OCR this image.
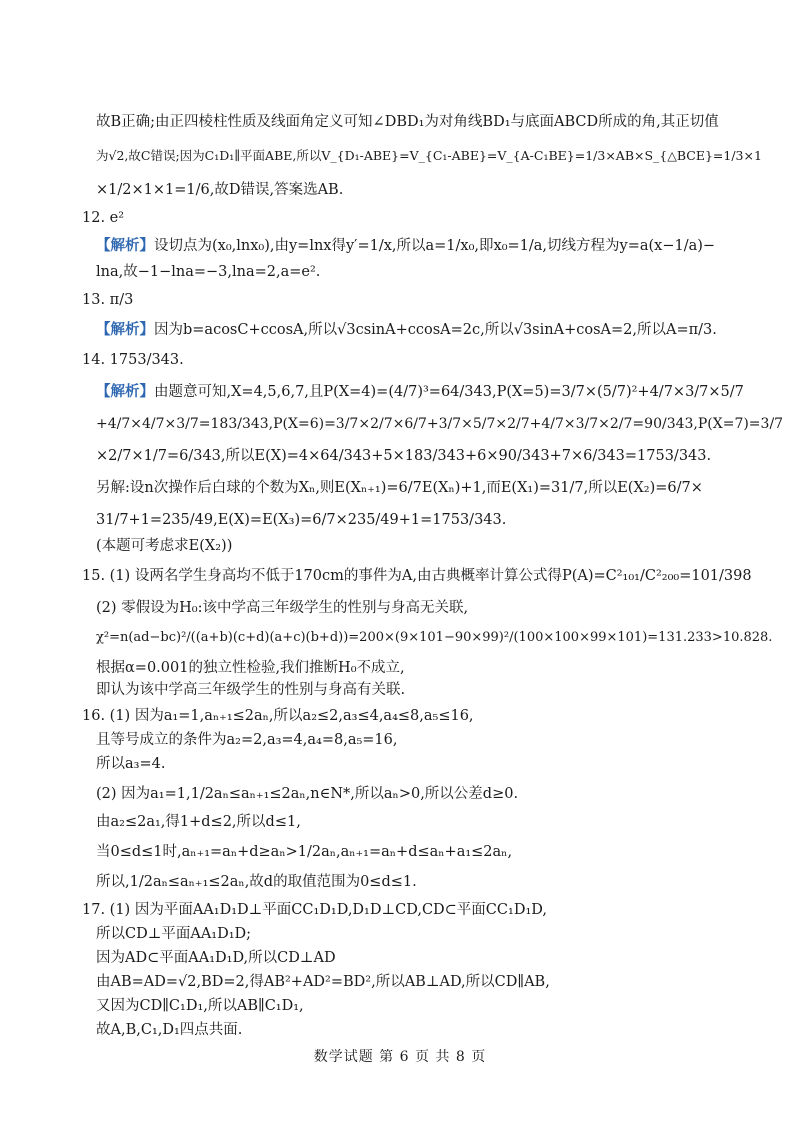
故B正确;由正四棱柱性质及线面角定义可知∠DBD₁为对角线BD₁与底面ABCD所成的角,其正切值
为√2,故C错误;因为C₁D₁∥平面ABE,所以V_{D₁-ABE}=V_{C₁-ABE}=V_{A-C₁BE}=1/3×AB×S_{△BCE}=1/3×1
×1/2×1×1=1/6,故D错误,答案选AB.
12. e²
【解析】设切点为(x₀,lnx₀),由y=lnx得y′=1/x,所以a=1/x₀,即x₀=1/a,切线方程为y=a(x−1/a)−
lna,故−1−lna=−3,lna=2,a=e².
13. π/3
【解析】因为b=acosC+ccosA,所以√3csinA+ccosA=2c,所以√3sinA+cosA=2,所以A=π/3.
14. 1753/343.
【解析】由题意可知,X=4,5,6,7,且P(X=4)=(4/7)³=64/343,P(X=5)=3/7×(5/7)²+4/7×3/7×5/7
+4/7×4/7×3/7=183/343,P(X=6)=3/7×2/7×6/7+3/7×5/7×2/7+4/7×3/7×2/7=90/343,P(X=7)=3/7
×2/7×1/7=6/343,所以E(X)=4×64/343+5×183/343+6×90/343+7×6/343=1753/343.
另解:设n次操作后白球的个数为Xₙ,则E(Xₙ₊₁)=6/7E(Xₙ)+1,而E(X₁)=31/7,所以E(X₂)=6/7×
31/7+1=235/49,E(X)=E(X₃)=6/7×235/49+1=1753/343.
(本题可考虑求E(X₂))
15. (1) 设两名学生身高均不低于170cm的事件为A,由古典概率计算公式得P(A)=C²₁₀₁/C²₂₀₀=101/398
(2) 零假设为H₀:该中学高三年级学生的性别与身高无关联,
χ²=n(ad−bc)²/((a+b)(c+d)(a+c)(b+d))=200×(9×101−90×99)²/(100×100×99×101)=131.233>10.828.
根据α=0.001的独立性检验,我们推断H₀不成立,
即认为该中学高三年级学生的性别与身高有关联.
16. (1) 因为a₁=1,aₙ₊₁≤2aₙ,所以a₂≤2,a₃≤4,a₄≤8,a₅≤16,
且等号成立的条件为a₂=2,a₃=4,a₄=8,a₅=16,
所以a₃=4.
(2) 因为a₁=1,1/2aₙ≤aₙ₊₁≤2aₙ,n∈N*,所以aₙ>0,所以公差d≥0.
由a₂≤2a₁,得1+d≤2,所以d≤1,
当0≤d≤1时,aₙ₊₁=aₙ+d≥aₙ>1/2aₙ,aₙ₊₁=aₙ+d≤aₙ+a₁≤2aₙ,
所以,1/2aₙ≤aₙ₊₁≤2aₙ,故d的取值范围为0≤d≤1.
17. (1) 因为平面AA₁D₁D⊥平面CC₁D₁D,D₁D⊥CD,CD⊂平面CC₁D₁D,
所以CD⊥平面AA₁D₁D;
因为AD⊂平面AA₁D₁D,所以CD⊥AD
由AB=AD=√2,BD=2,得AB²+AD²=BD²,所以AB⊥AD,所以CD∥AB,
又因为CD∥C₁D₁,所以AB∥C₁D₁,
故A,B,C₁,D₁四点共面.
数学试题 第 6 页 共 8 页
